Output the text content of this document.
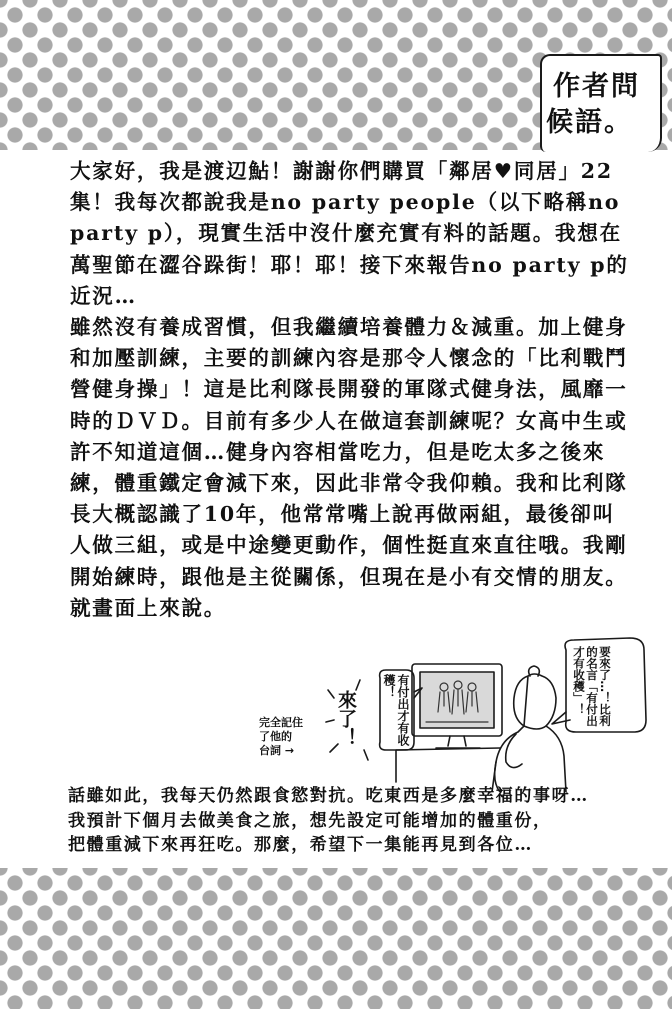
作者問
候語。

大家好，我是渡辺鮎！謝謝你們購買「鄰居♥同居」22集！我每次都說我是no party people（以下略稱no party p），現實生活中沒什麼充實有料的話題。我想在萬聖節在澀谷跺街！耶！耶！接下來報告no party p的近況…

雖然沒有養成習慣，但我繼續培養體力＆減重。加上健身和加壓訓練，主要的訓練內容是那令人懷念的「比利戰鬥營健身操」！這是比利隊長開發的軍隊式健身法，風靡一時的ＤＶＤ。目前有多少人在做這套訓練呢？女高中生或許不知道這個…健身內容相當吃力，但是吃太多之後來練，體重鐵定會減下來，因此非常令我仰賴。我和比利隊長大概認識了10年，他常常嘴上說再做兩組，最後卻叫人做三組，或是中途變更動作，個性挺直來直往哦。我剛開始練時，跟他是主從關係，但現在是小有交情的朋友。就畫面上來說。

有付出才有收穫！
來了！
完全記住
了他的
台詞 →
要來了…！比利的名言「有付出才有收穫」！

話雖如此，我每天仍然跟食慾對抗。吃東西是多麼幸福的事呀…

我預計下個月去做美食之旅，想先設定可能增加的體重份，

把體重減下來再狂吃。那麼，希望下一集能再見到各位…
